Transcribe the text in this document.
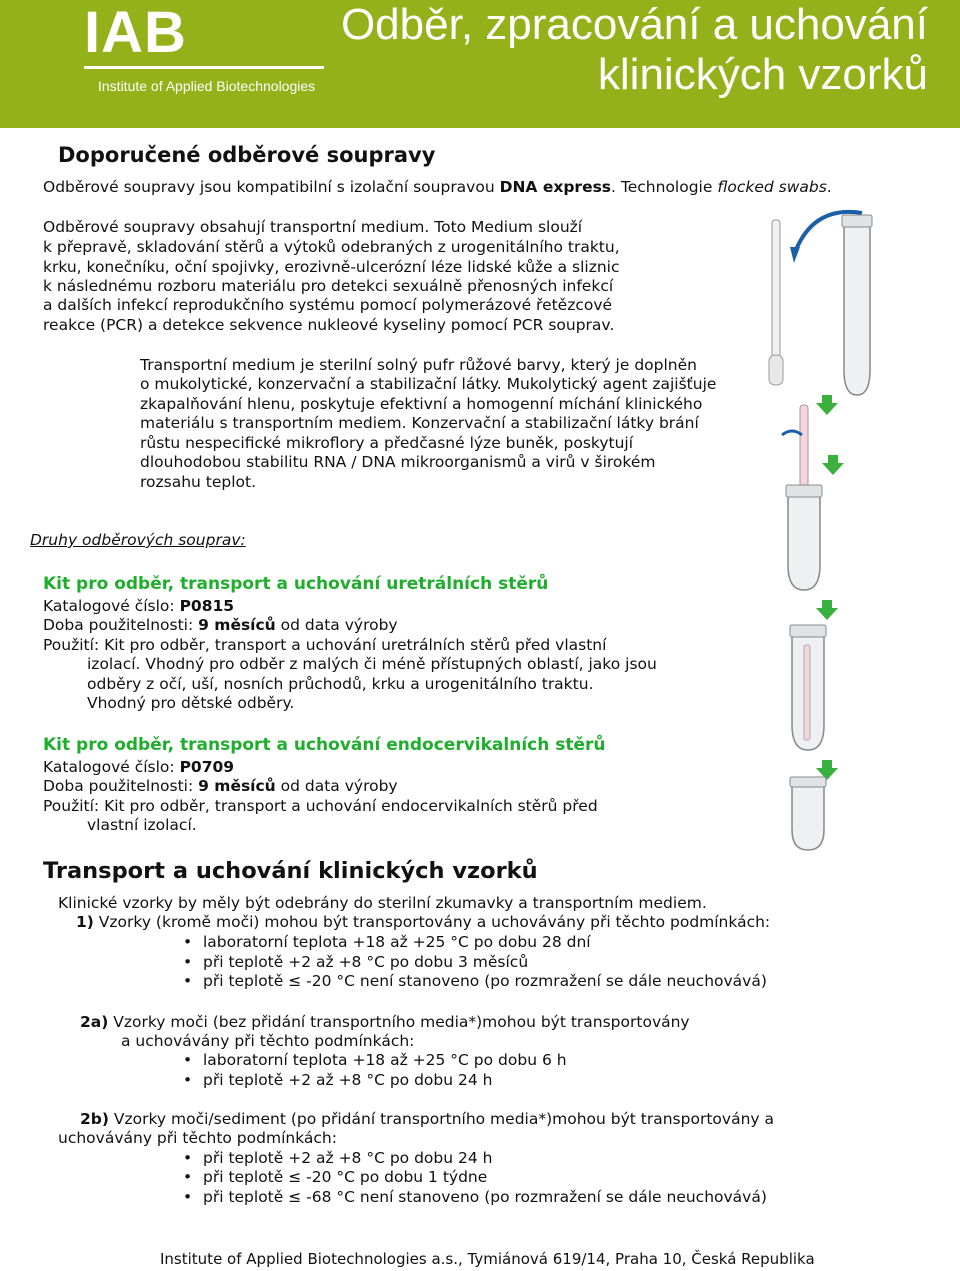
IAB
Institute of Applied Biotechnologies
Odběr, zpracování a uchování
klinických vzorků
Doporučené odběrové soupravy
Odběrové soupravy jsou kompatibilní s izolační soupravou DNA express. Technologie flocked swabs.
Odběrové soupravy obsahují transportní medium. Toto Medium slouží
k přepravě, skladování stěrů a výtoků odebraných z urogenitálního traktu,
krku, konečníku, oční spojivky, erozivně-ulcerózní léze lidské kůže a sliznic
k následnému rozboru materiálu pro detekci sexuálně přenosných infekcí
a dalších infekcí reprodukčního systému pomocí polymerázové řetězcové
reakce (PCR) a detekce sekvence nukleové kyseliny pomocí PCR souprav.
Transportní medium je sterilní solný pufr růžové barvy, který je doplněn
o mukolytické, konzervační a stabilizační látky. Mukolytický agent zajišťuje
zkapalňování hlenu, poskytuje efektivní a homogenní míchání klinického
materiálu s transportním mediem. Konzervační a stabilizační látky brání
růstu nespecifické mikroflory a předčasné lýze buněk, poskytují
dlouhodobou stabilitu RNA / DNA mikroorganismů a virů v širokém
rozsahu teplot.
Druhy odběrových souprav:
Kit pro odběr, transport a uchování uretrálních stěrů
Katalogové číslo: P0815
Doba použitelnosti: 9 měsíců od data výroby
Použití: Kit pro odběr, transport a uchování uretrálních stěrů před vlastní
izolací. Vhodný pro odběr z malých či méně přístupných oblastí, jako jsou
odběry z očí, uší, nosních průchodů, krku a urogenitálního traktu.
Vhodný pro dětské odběry.
Kit pro odběr, transport a uchování endocervikalních stěrů
Katalogové číslo: P0709
Doba použitelnosti: 9 měsíců od data výroby
Použití: Kit pro odběr, transport a uchování endocervikalních stěrů před
vlastní izolací.
Transport a uchování klinických vzorků
Klinické vzorky by měly být odebrány do sterilní zkumavky a transportním mediem.
1) Vzorky (kromě moči) mohou být transportovány a uchovávány při těchto podmínkách:
• laboratorní teplota +18 až +25 °C po dobu 28 dní
• při teplotě +2 až +8 °C po dobu 3 měsíců
• při teplotě ≤ -20 °C není stanoveno (po rozmražení se dále neuchovává)
2a) Vzorky moči (bez přidání transportního media*)mohou být transportovány
a uchovávány při těchto podmínkách:
• laboratorní teplota +18 až +25 °C po dobu 6 h
• při teplotě +2 až +8 °C po dobu 24 h
2b) Vzorky moči/sediment (po přidání transportního media*)mohou být transportovány a
uchovávány při těchto podmínkách:
• při teplotě +2 až +8 °C po dobu 24 h
• při teplotě ≤ -20 °C po dobu 1 týdne
• při teplotě ≤ -68 °C není stanoveno (po rozmražení se dále neuchovává)
Institute of Applied Biotechnologies a.s., Tymiánová 619/14, Praha 10, Česká Republika
